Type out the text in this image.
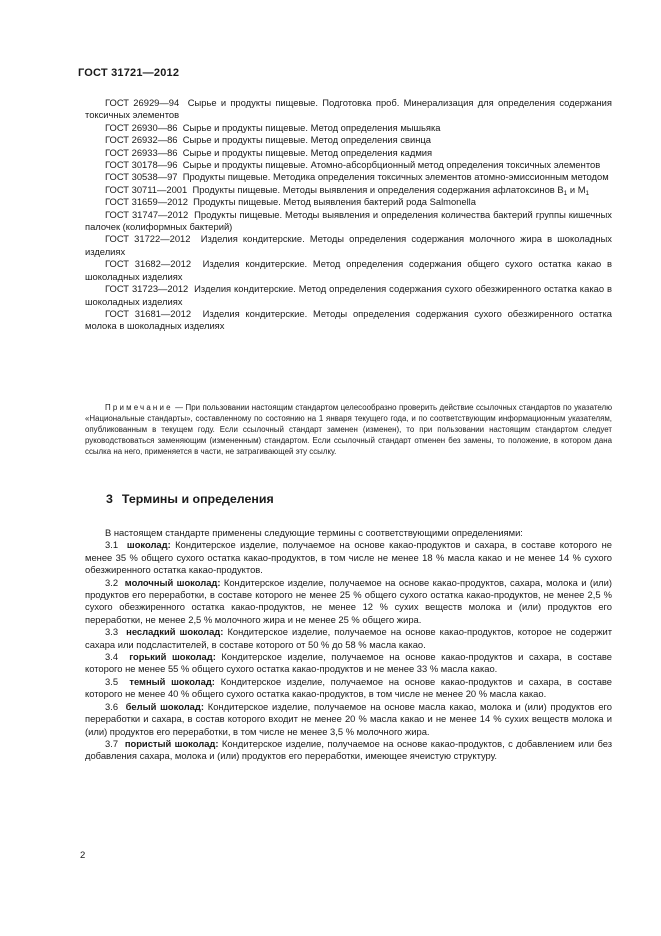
ГОСТ 31721—2012

ГОСТ 26929—94 Сырье и продукты пищевые. Подготовка проб. Минерализация для определения содержания токсичных элементов

ГОСТ 26930—86 Сырье и продукты пищевые. Метод определения мышьяка

ГОСТ 26932—86 Сырье и продукты пищевые. Метод определения свинца

ГОСТ 26933—86 Сырье и продукты пищевые. Метод определения кадмия

ГОСТ 30178—96 Сырье и продукты пищевые. Атомно-абсорбционный метод определения токсичных элементов

ГОСТ 30538—97 Продукты пищевые. Методика определения токсичных элементов атомно-эмиссионным методом

ГОСТ 30711—2001 Продукты пищевые. Методы выявления и определения содержания афлатоксинов $B_1$ и $M_1$

ГОСТ 31659—2012 Продукты пищевые. Метод выявления бактерий рода Salmonella

ГОСТ 31747—2012 Продукты пищевые. Методы выявления и определения количества бактерий группы кишечных палочек (колиформных бактерий)

ГОСТ 31722—2012 Изделия кондитерские. Методы определения содержания молочного жира в шоколадных изделиях

ГОСТ 31682—2012 Изделия кондитерские. Метод определения содержания общего сухого остатка какао в шоколадных изделиях

ГОСТ 31723—2012 Изделия кондитерские. Метод определения содержания сухого обезжиренного остатка какао в шоколадных изделиях

ГОСТ 31681—2012 Изделия кондитерские. Методы определения содержания сухого обезжиренного остатка молока в шоколадных изделиях

Примечание — При пользовании настоящим стандартом целесообразно проверить действие ссылочных стандартов по указателю «Национальные стандарты», составленному по состоянию на 1 января текущего года, и по соответствующим информационным указателям, опубликованным в текущем году. Если ссылочный стандарт заменен (изменен), то при пользовании настоящим стандартом следует руководствоваться заменяющим (измененным) стандартом. Если ссылочный стандарт отменен без замены, то положение, в котором дана ссылка на него, применяется в части, не затрагивающей эту ссылку.

3 Термины и определения

В настоящем стандарте применены следующие термины с соответствующими определениями:

3.1 шоколад: Кондитерское изделие, получаемое на основе какао-продуктов и сахара, в составе которого не менее 35 % общего сухого остатка какао-продуктов, в том числе не менее 18 % масла какао и не менее 14 % сухого обезжиренного остатка какао-продуктов.

3.2 молочный шоколад: Кондитерское изделие, получаемое на основе какао-продуктов, сахара, молока и (или) продуктов его переработки, в составе которого не менее 25 % общего сухого остатка какао-продуктов, не менее 2,5 % сухого обезжиренного остатка какао-продуктов, не менее 12 % сухих веществ молока и (или) продуктов его переработки, не менее 2,5 % молочного жира и не менее 25 % общего жира.

3.3 несладкий шоколад: Кондитерское изделие, получаемое на основе какао-продуктов, которое не содержит сахара или подсластителей, в составе которого от 50 % до 58 % масла какао.

3.4 горький шоколад: Кондитерское изделие, получаемое на основе какао-продуктов и сахара, в составе которого не менее 55 % общего сухого остатка какао-продуктов и не менее 33 % масла какао.

3.5 темный шоколад: Кондитерское изделие, получаемое на основе какао-продуктов и сахара, в составе которого не менее 40 % общего сухого остатка какао-продуктов, в том числе не менее 20 % масла какао.

3.6 белый шоколад: Кондитерское изделие, получаемое на основе масла какао, молока и (или) продуктов его переработки и сахара, в состав которого входит не менее 20 % масла какао и не менее 14 % сухих веществ молока и (или) продуктов его переработки, в том числе не менее 3,5 % молочного жира.

3.7 пористый шоколад: Кондитерское изделие, получаемое на основе какао-продуктов, с добавлением или без добавления сахара, молока и (или) продуктов его переработки, имеющее ячеистую структуру.

2
